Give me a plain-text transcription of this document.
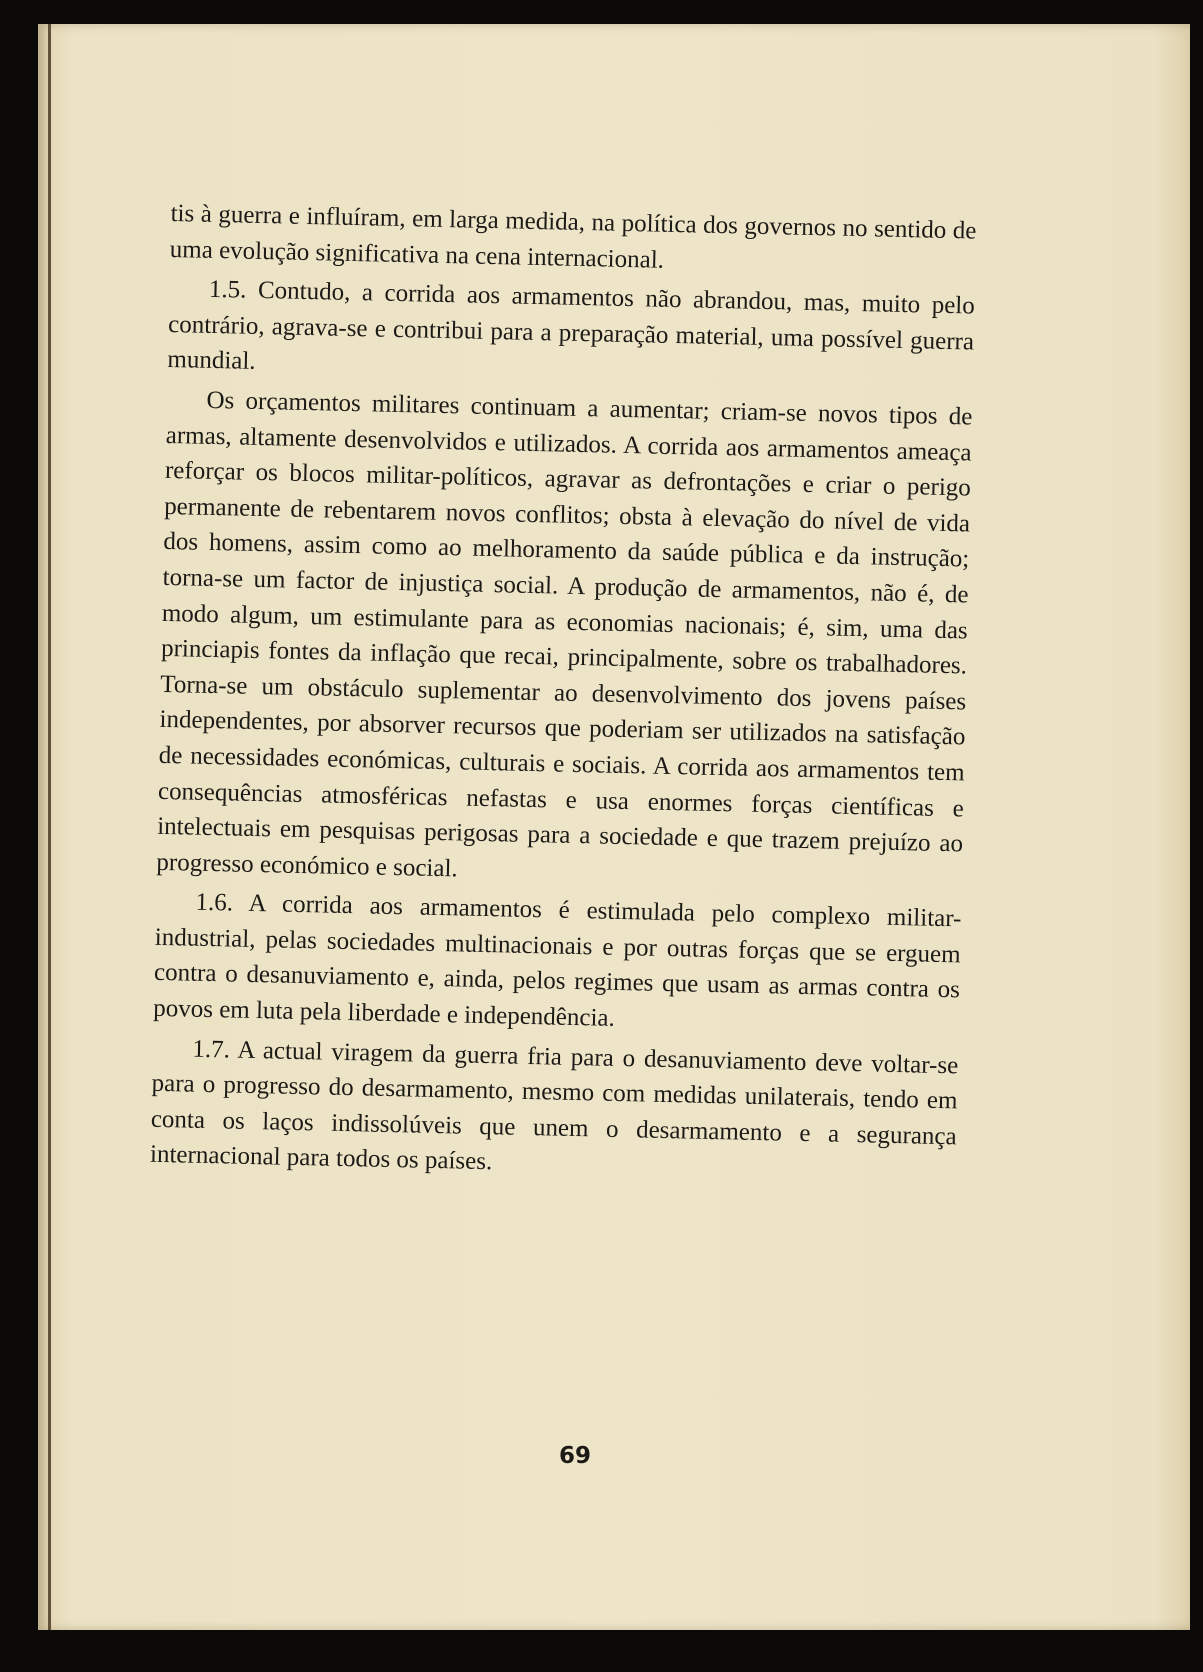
tis à guerra e influíram, em larga medida, na política dos governos no sentido de uma evolução significativa na cena internacional.

1.5. Contudo, a corrida aos armamentos não abrandou, mas, muito pelo contrário, agrava-se e contribui para a preparação material, uma possível guerra mundial.

Os orçamentos militares continuam a aumentar; criam-se novos tipos de armas, altamente desenvolvidos e utilizados. A corrida aos armamentos ameaça reforçar os blocos militar-políticos, agravar as defrontações e criar o perigo permanente de rebentarem novos conflitos; obsta à elevação do nível de vida dos homens, assim como ao melhoramento da saúde pública e da instrução; torna-se um factor de injustiça social. A produção de armamentos, não é, de modo algum, um estimulante para as economias nacionais; é, sim, uma das princiapis fontes da inflação que recai, principalmente, sobre os trabalhadores. Torna-se um obstáculo suplementar ao desenvolvimento dos jovens países independentes, por absorver recursos que poderiam ser utilizados na satisfação de necessidades económicas, culturais e sociais. A corrida aos armamentos tem consequências atmosféricas nefastas e usa enormes forças científicas e intelectuais em pesquisas perigosas para a sociedade e que trazem prejuízo ao progresso económico e social.

1.6. A corrida aos armamentos é estimulada pelo complexo militar-industrial, pelas sociedades multinacionais e por outras forças que se erguem contra o desanuviamento e, ainda, pelos regimes que usam as armas contra os povos em luta pela liberdade e independência.

1.7. A actual viragem da guerra fria para o desanuviamento deve voltar-se para o progresso do desarmamento, mesmo com medidas unilaterais, tendo em conta os laços indissolúveis que unem o desarmamento e a segurança internacional para todos os países.

69
